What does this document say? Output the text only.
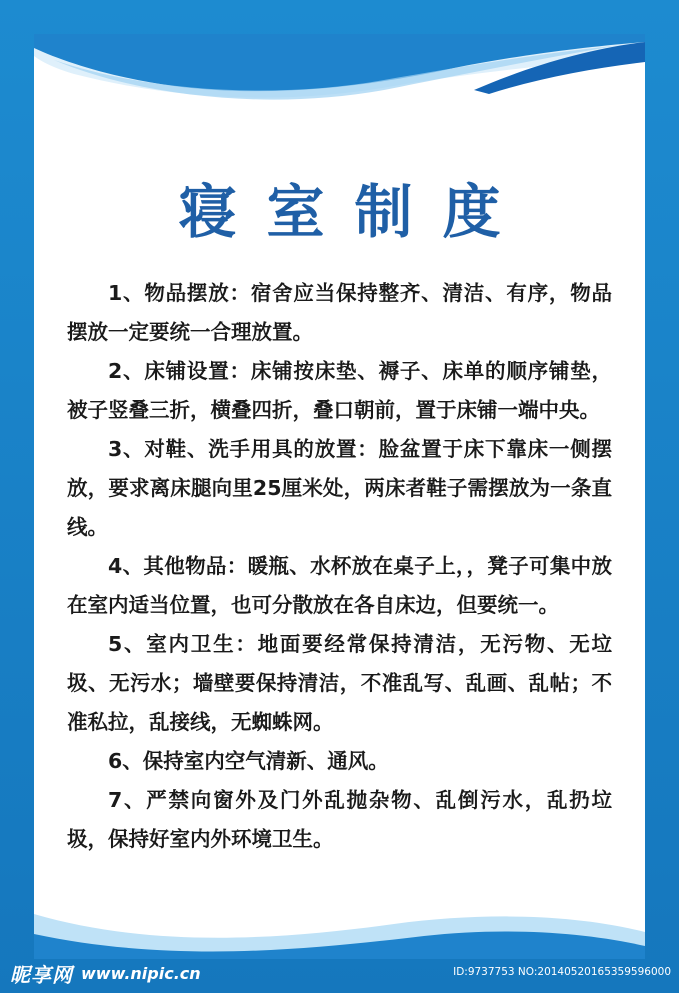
寝室制度

1、物品摆放：宿舍应当保持整齐、清洁、有序，物品摆放一定要统一合理放置。

2、床铺设置：床铺按床垫、褥子、床单的顺序铺垫，被子竖叠三折，横叠四折，叠口朝前，置于床铺一端中央。

3、对鞋、洗手用具的放置：脸盆置于床下靠床一侧摆放，要求离床腿向里25厘米处，两床者鞋子需摆放为一条直线。

4、其他物品：暖瓶、水杯放在桌子上，，凳子可集中放在室内适当位置，也可分散放在各自床边，但要统一。

5、室内卫生：地面要经常保持清洁，无污物、无垃圾、无污水；墙壁要保持清洁，不准乱写、乱画、乱帖；不准私拉，乱接线，无蜘蛛网。

6、保持室内空气清新、通风。

7、严禁向窗外及门外乱抛杂物、乱倒污水，乱扔垃圾，保持好室内外环境卫生。

昵享网 www.nipic.cn	ID:9737753 NO:20140520165359596000
